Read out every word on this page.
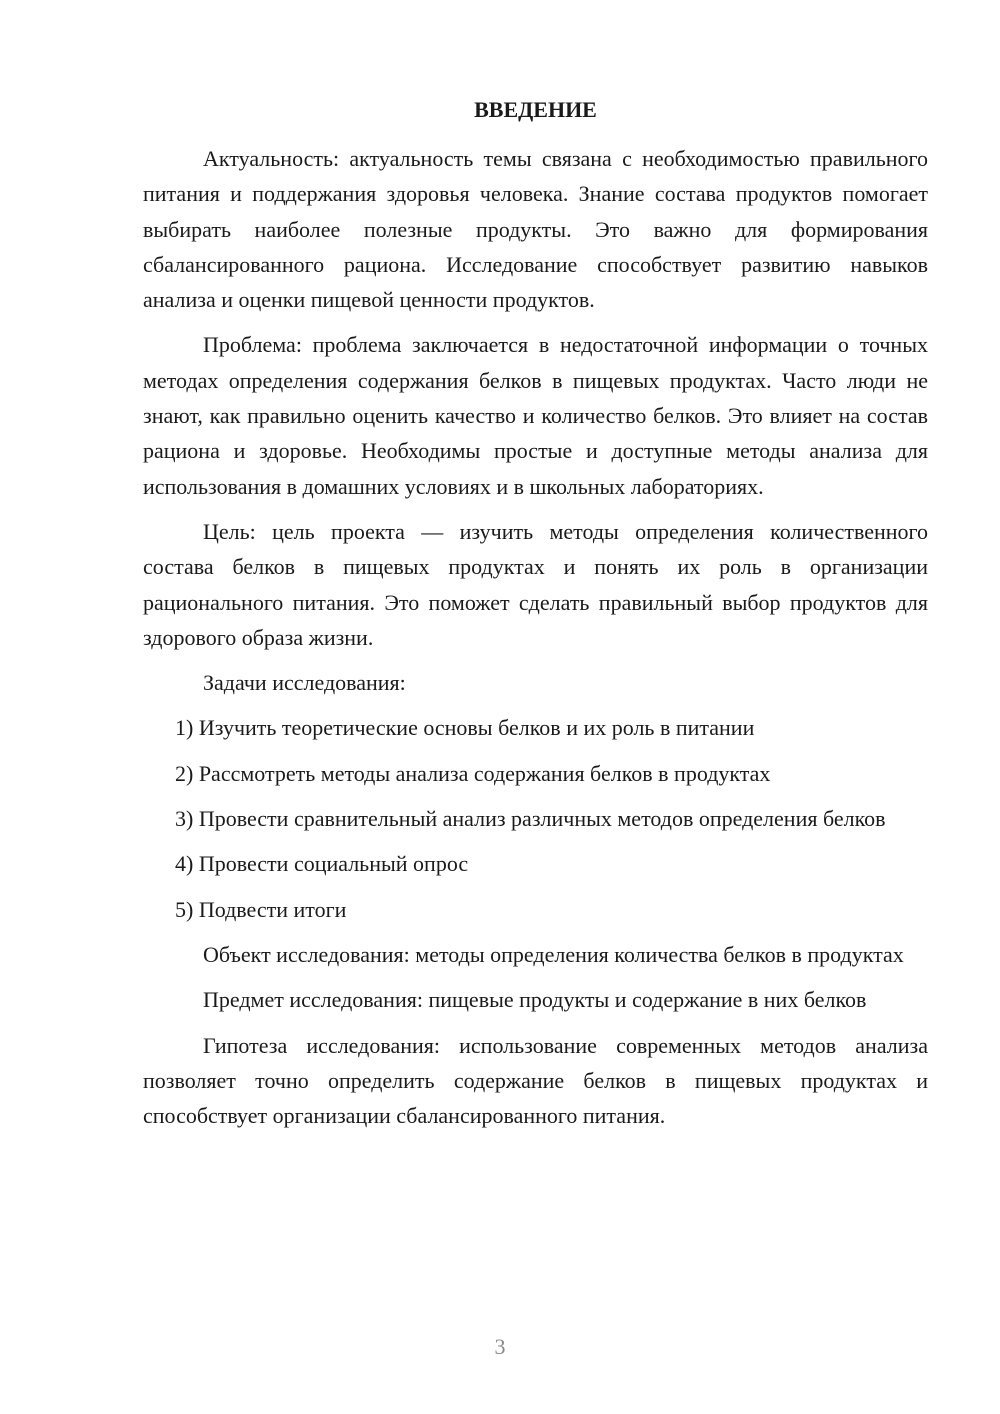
ВВЕДЕНИЕ

Актуальность: актуальность темы связана с необходимостью правильного питания и поддержания здоровья человека. Знание состава продуктов помогает выбирать наиболее полезные продукты. Это важно для формирования сбалансированного рациона. Исследование способствует развитию навыков анализа и оценки пищевой ценности продуктов.

Проблема: проблема заключается в недостаточной информации о точных методах определения содержания белков в пищевых продуктах. Часто люди не знают, как правильно оценить качество и количество белков. Это влияет на состав рациона и здоровье. Необходимы простые и доступные методы анализа для использования в домашних условиях и в школьных лабораториях.

Цель: цель проекта — изучить методы определения количественного состава белков в пищевых продуктах и понять их роль в организации рационального питания. Это поможет сделать правильный выбор продуктов для здорового образа жизни.

Задачи исследования:

1) Изучить теоретические основы белков и их роль в питании

2) Рассмотреть методы анализа содержания белков в продуктах

3) Провести сравнительный анализ различных методов определения белков

4) Провести социальный опрос

5) Подвести итоги

Объект исследования: методы определения количества белков в продуктах

Предмет исследования: пищевые продукты и содержание в них белков

Гипотеза исследования: использование современных методов анализа позволяет точно определить содержание белков в пищевых продуктах и способствует организации сбалансированного питания.

3
